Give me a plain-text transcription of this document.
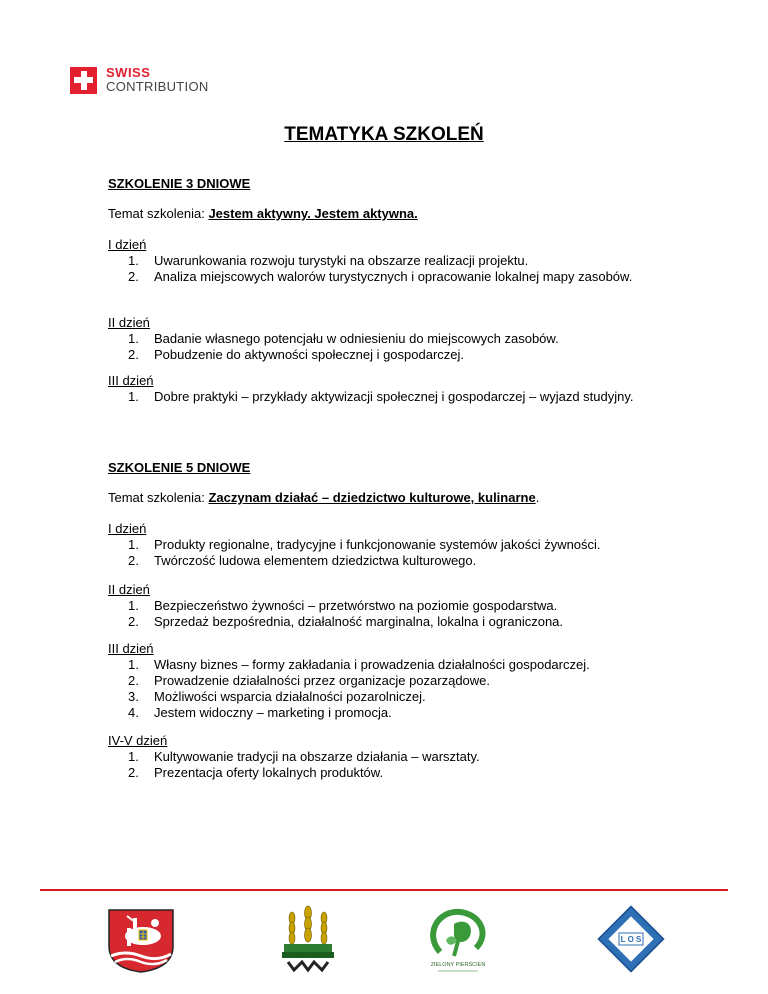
SWISS
CONTRIBUTION
TEMATYKA SZKOLEŃ
SZKOLENIE 3 DNIOWE
Temat szkolenia: Jestem aktywny. Jestem aktywna.
I dzień
1.	Uwarunkowania rozwoju turystyki na obszarze realizacji projektu.
2.	Analiza miejscowych walorów turystycznych i opracowanie lokalnej mapy zasobów.
II dzień
1.	Badanie własnego potencjału w odniesieniu do miejscowych zasobów.
2.	Pobudzenie do aktywności społecznej i gospodarczej.
III dzień
1.	Dobre praktyki – przykłady aktywizacji społecznej i gospodarczej – wyjazd studyjny.
SZKOLENIE 5 DNIOWE
Temat szkolenia: Zaczynam działać – dziedzictwo kulturowe, kulinarne.
I dzień
1.	Produkty regionalne, tradycyjne i funkcjonowanie systemów jakości żywności.
2.	Twórczość ludowa elementem dziedzictwa kulturowego.
II dzień
1.	Bezpieczeństwo żywności – przetwórstwo na poziomie gospodarstwa.
2.	Sprzedaż bezpośrednia, działalność marginalna, lokalna i ograniczona.
III dzień
1.	Własny biznes – formy zakładania i prowadzenia działalności gospodarczej.
2.	Prowadzenie działalności przez organizacje pozarządowe.
3.	Możliwości wsparcia działalności pozarolniczej.
4.	Jestem widoczny – marketing i promocja.
IV-V dzień
1.	Kultywowanie tradycji na obszarze działania – warsztaty.
2.	Prezentacja oferty lokalnych produktów.
ZIELONY PIERŚCIEŃ
L O S
